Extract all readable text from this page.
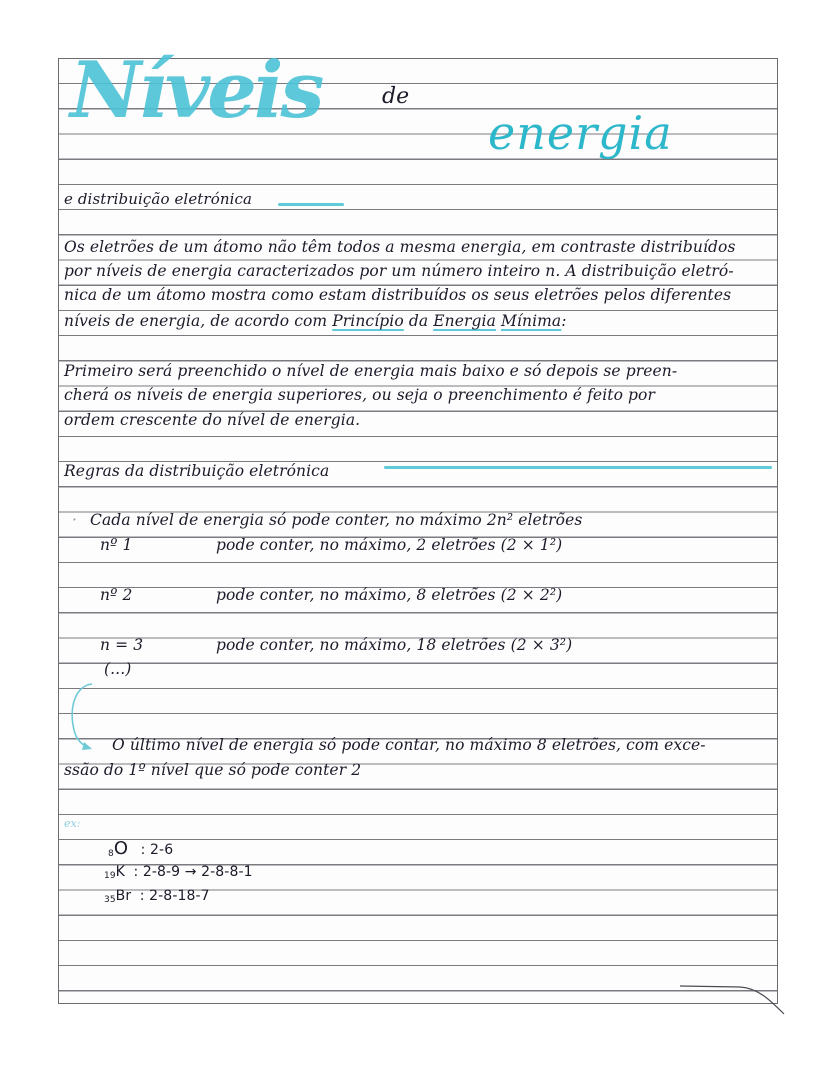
Níveis	de
energia
e distribuição eletrónica
Os eletrões de um átomo não têm todos a mesma energia, em contraste distribuídos
por níveis de energia caracterizados por um número inteiro n. A distribuição eletró-
nica de um átomo mostra como estam distribuídos os seus eletrões pelos diferentes
níveis de energia, de acordo com Princípio da Energia Mínima:
Primeiro será preenchido o nível de energia mais baixo e só depois se preen-
cherá os níveis de energia superiores, ou seja o preenchimento é feito por
ordem crescente do nível de energia.
Regras da distribuição eletrónica
· Cada nível de energia só pode conter, no máximo 2n² eletrões
nº 1	pode conter, no máximo, 2 eletrões (2 × 1²)
nº 2	pode conter, no máximo, 8 eletrões (2 × 2²)
n = 3	pode conter, no máximo, 18 eletrões (2 × 3²)
(...)
O último nível de energia só pode contar, no máximo 8 eletrões, com exce-
ssão do 1º nível que só pode conter 2
ex:
$_8$O : 2-6
$_{19}$K : 2-8-9 → 2-8-8-1
$_{35}$Br : 2-8-18-7
